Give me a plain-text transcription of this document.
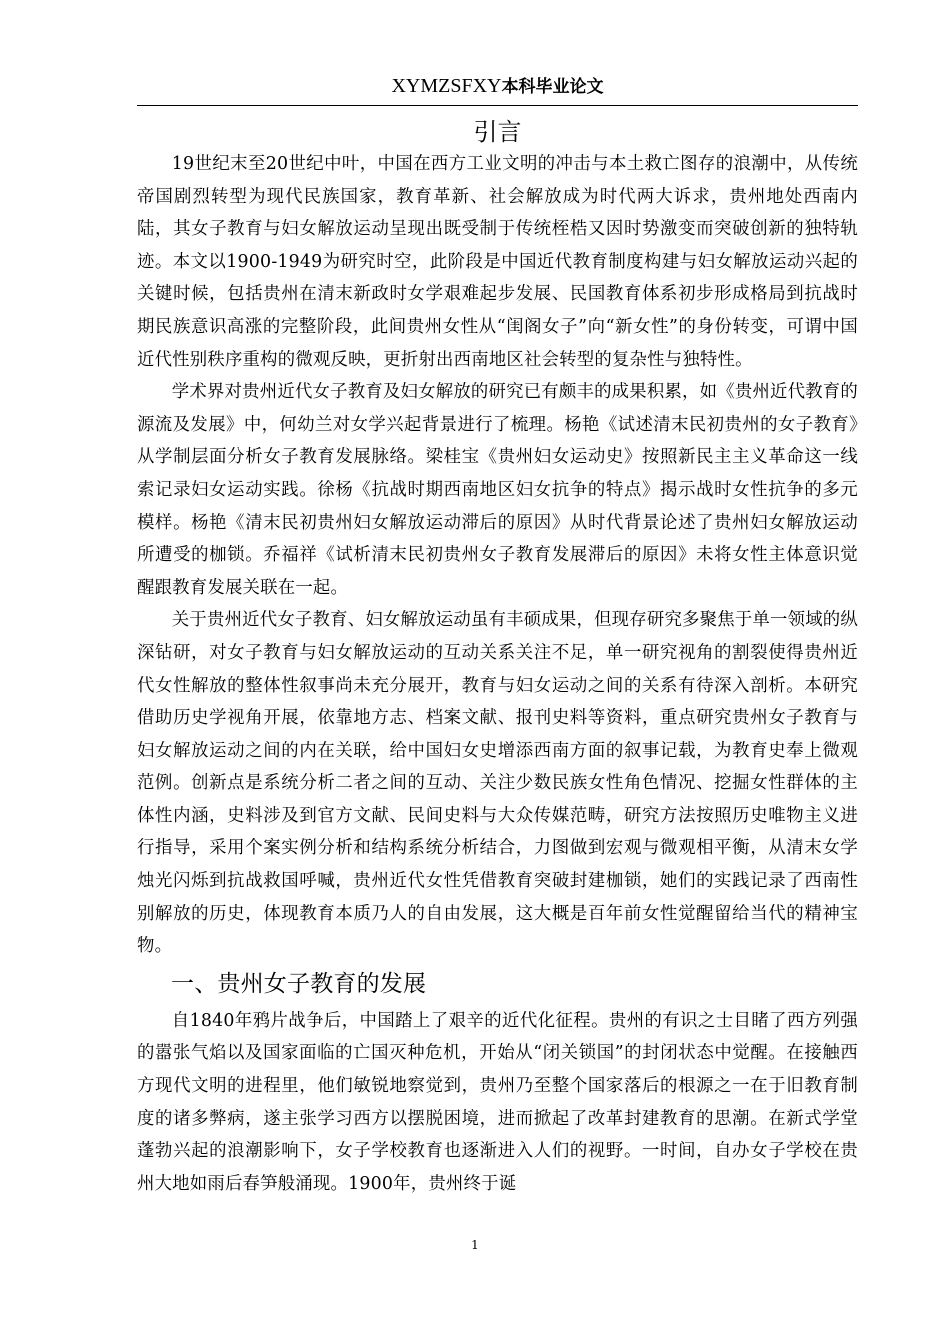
XYMZSFXY本科毕业论文
引言

19世纪末至20世纪中叶，中国在西方工业文明的冲击与本土救亡图存的浪潮中，从传统帝国剧烈转型为现代民族国家，教育革新、社会解放成为时代两大诉求，贵州地处西南内陆，其女子教育与妇女解放运动呈现出既受制于传统桎梏又因时势激变而突破创新的独特轨迹。本文以1900-1949为研究时空，此阶段是中国近代教育制度构建与妇女解放运动兴起的关键时候，包括贵州在清末新政时女学艰难起步发展、民国教育体系初步形成格局到抗战时期民族意识高涨的完整阶段，此间贵州女性从“闺阁女子”向“新女性”的身份转变，可谓中国近代性别秩序重构的微观反映，更折射出西南地区社会转型的复杂性与独特性。

学术界对贵州近代女子教育及妇女解放的研究已有颇丰的成果积累，如《贵州近代教育的源流及发展》中，何幼兰对女学兴起背景进行了梳理。杨艳《试述清末民初贵州的女子教育》从学制层面分析女子教育发展脉络。梁桂宝《贵州妇女运动史》按照新民主主义革命这一线索记录妇女运动实践。徐杨《抗战时期西南地区妇女抗争的特点》揭示战时女性抗争的多元模样。杨艳《清末民初贵州妇女解放运动滞后的原因》从时代背景论述了贵州妇女解放运动所遭受的枷锁。乔福祥《试析清末民初贵州女子教育发展滞后的原因》未将女性主体意识觉醒跟教育发展关联在一起。

关于贵州近代女子教育、妇女解放运动虽有丰硕成果，但现存研究多聚焦于单一领域的纵深钻研，对女子教育与妇女解放运动的互动关系关注不足，单一研究视角的割裂使得贵州近代女性解放的整体性叙事尚未充分展开，教育与妇女运动之间的关系有待深入剖析。本研究借助历史学视角开展，依靠地方志、档案文献、报刊史料等资料，重点研究贵州女子教育与妇女解放运动之间的内在关联，给中国妇女史增添西南方面的叙事记载，为教育史奉上微观范例。创新点是系统分析二者之间的互动、关注少数民族女性角色情况、挖掘女性群体的主体性内涵，史料涉及到官方文献、民间史料与大众传媒范畴，研究方法按照历史唯物主义进行指导，采用个案实例分析和结构系统分析结合，力图做到宏观与微观相平衡，从清末女学烛光闪烁到抗战救国呼喊，贵州近代女性凭借教育突破封建枷锁，她们的实践记录了西南性别解放的历史，体现教育本质乃人的自由发展，这大概是百年前女性觉醒留给当代的精神宝物。

一、贵州女子教育的发展

自1840年鸦片战争后，中国踏上了艰辛的近代化征程。贵州的有识之士目睹了西方列强的嚣张气焰以及国家面临的亡国灭种危机，开始从“闭关锁国”的封闭状态中觉醒。在接触西方现代文明的进程里，他们敏锐地察觉到，贵州乃至整个国家落后的根源之一在于旧教育制度的诸多弊病，遂主张学习西方以摆脱困境，进而掀起了改革封建教育的思潮。在新式学堂蓬勃兴起的浪潮影响下，女子学校教育也逐渐进入人们的视野。一时间，自办女子学校在贵州大地如雨后春笋般涌现。1900年，贵州终于诞

1
